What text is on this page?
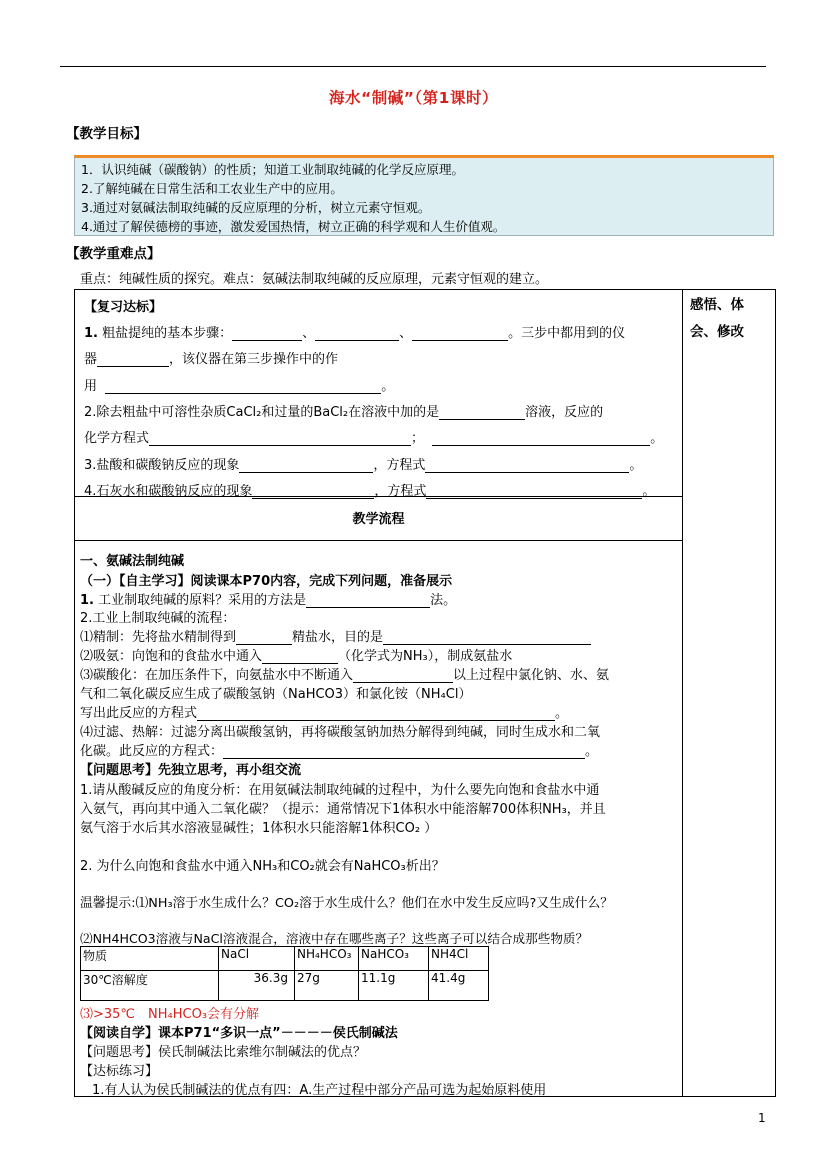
海水“制碱”（第1课时）
【教学目标】
1．认识纯碱（碳酸钠）的性质；知道工业制取纯碱的化学反应原理。
2.了解纯碱在日常生活和工农业生产中的应用。
3.通过对氨碱法制取纯碱的反应原理的分析，树立元素守恒观。
4.通过了解侯德榜的事迹，激发爱国热情，树立正确的科学观和人生价值观。
【教学重难点】
重点：纯碱性质的探究。难点：氨碱法制取纯碱的反应原理，元素守恒观的建立。
感悟、体会、修改
【复习达标】
1. 粗盐提纯的基本步骤：	、	、	。三步中都用到的仪
器	，该仪器在第三步操作中的作
用	。
2.除去粗盐中可溶性杂质CaCl₂和过量的BaCl₂在溶液中加的是	溶液，反应的
化学方程式	；	。
3.盐酸和碳酸钠反应的现象	，方程式	。
4.石灰水和碳酸钠反应的现象	，方程式	。
教学流程
一、氨碱法制纯碱
（一）【自主学习】阅读课本P70内容，完成下列问题，准备展示
1. 工业制取纯碱的原料？采用的方法是	法。
2.工业上制取纯碱的流程：
⑴精制：先将盐水精制得到	精盐水，目的是
⑵吸氨：向饱和的食盐水中通入	（化学式为NH₃），制成氨盐水
⑶碳酸化：在加压条件下，向氨盐水中不断通入	以上过程中氯化钠、水、氨
气和二氧化碳反应生成了碳酸氢钠（NaHCO3）和氯化铵（NH₄Cl）
写出此反应的方程式	。
⑷过滤、热解：过滤分离出碳酸氢钠，再将碳酸氢钠加热分解得到纯碱，同时生成水和二氧
化碳。此反应的方程式：	。
【问题思考】先独立思考，再小组交流
1.请从酸碱反应的角度分析：在用氨碱法制取纯碱的过程中，为什么要先向饱和食盐水中通
入氨气，再向其中通入二氧化碳？（提示：通常情况下1体积水中能溶解700体积NH₃，并且
氨气溶于水后其水溶液显碱性；1体积水只能溶解1体积CO₂ ）
2. 为什么向饱和食盐水中通入NH₃和CO₂就会有NaHCO₃析出？
温馨提示:⑴NH₃溶于水生成什么？CO₂溶于水生成什么？他们在水中发生反应吗?又生成什么？
⑵NH4HCO3溶液与NaCl溶液混合，溶液中存在哪些离子？这些离子可以结合成那些物质？
物质	NaCl	NH₄HCO₃	NaHCO₃	NH4Cl
30℃溶解度	36.3g	27g	11.1g	41.4g
⑶>35℃　NH₄HCO₃会有分解
【阅读自学】课本P71“多识一点”－－－－侯氏制碱法
【问题思考】侯氏制碱法比索维尔制碱法的优点？
【达标练习】
1.有人认为侯氏制碱法的优点有四：A.生产过程中部分产品可选为起始原料使用
1
